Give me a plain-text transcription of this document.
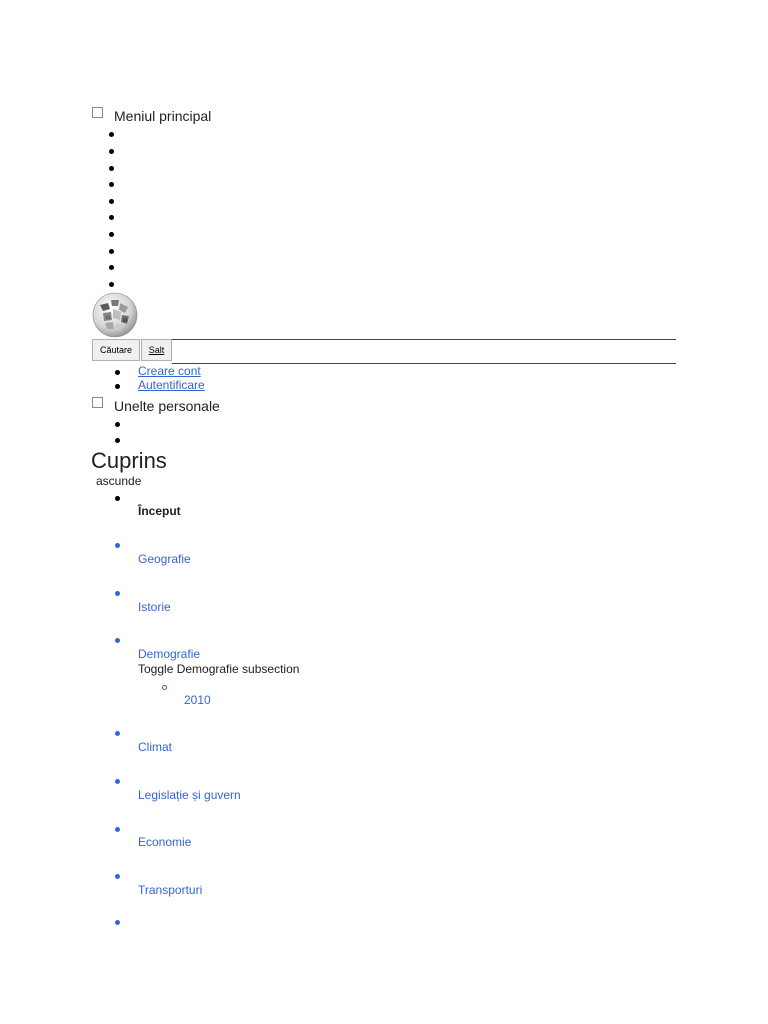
Meniul principal
Ω	И
Căutare	Salt
Creare cont
Autentificare
Unelte personale
Cuprins
ascunde
Început
Geografie
Istorie
Demografie
Toggle Demografie subsection
2010
Climat
Legislație și guvern
Economie
Transporturi
